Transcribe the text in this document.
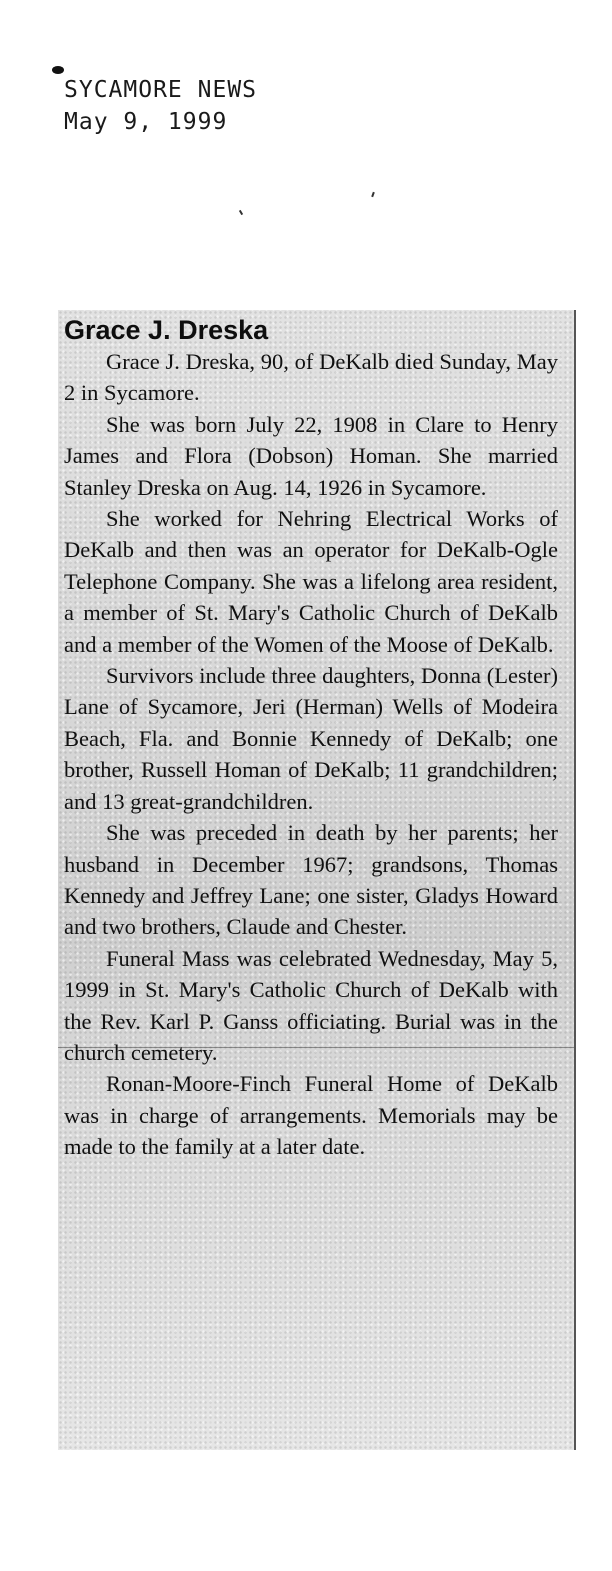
SYCAMORE NEWS
May 9, 1999
Grace J. Dreska

Grace J. Dreska, 90, of DeKalb died Sunday, May 2 in Sycamore.

She was born July 22, 1908 in Clare to Henry James and Flora (Dobson) Homan. She married Stanley Dreska on Aug. 14, 1926 in Sycamore.

She worked for Nehring Electrical Works of DeKalb and then was an operator for DeKalb-Ogle Telephone Company. She was a lifelong area resident, a member of St. Mary's Catholic Church of DeKalb and a member of the Women of the Moose of DeKalb.

Survivors include three daughters, Donna (Lester) Lane of Sycamore, Jeri (Herman) Wells of Modeira Beach, Fla. and Bonnie Kennedy of DeKalb; one brother, Russell Homan of DeKalb; 11 grandchildren; and 13 great-grandchildren.

She was preceded in death by her parents; her husband in December 1967; grandsons, Thomas Kennedy and Jeffrey Lane; one sister, Gladys Howard and two brothers, Claude and Chester.

Funeral Mass was celebrated Wednesday, May 5, 1999 in St. Mary's Catholic Church of DeKalb with the Rev. Karl P. Ganss officiating. Burial was in the church cemetery.

Ronan-Moore-Finch Funeral Home of DeKalb was in charge of arrangements. Memorials may be made to the family at a later date.
